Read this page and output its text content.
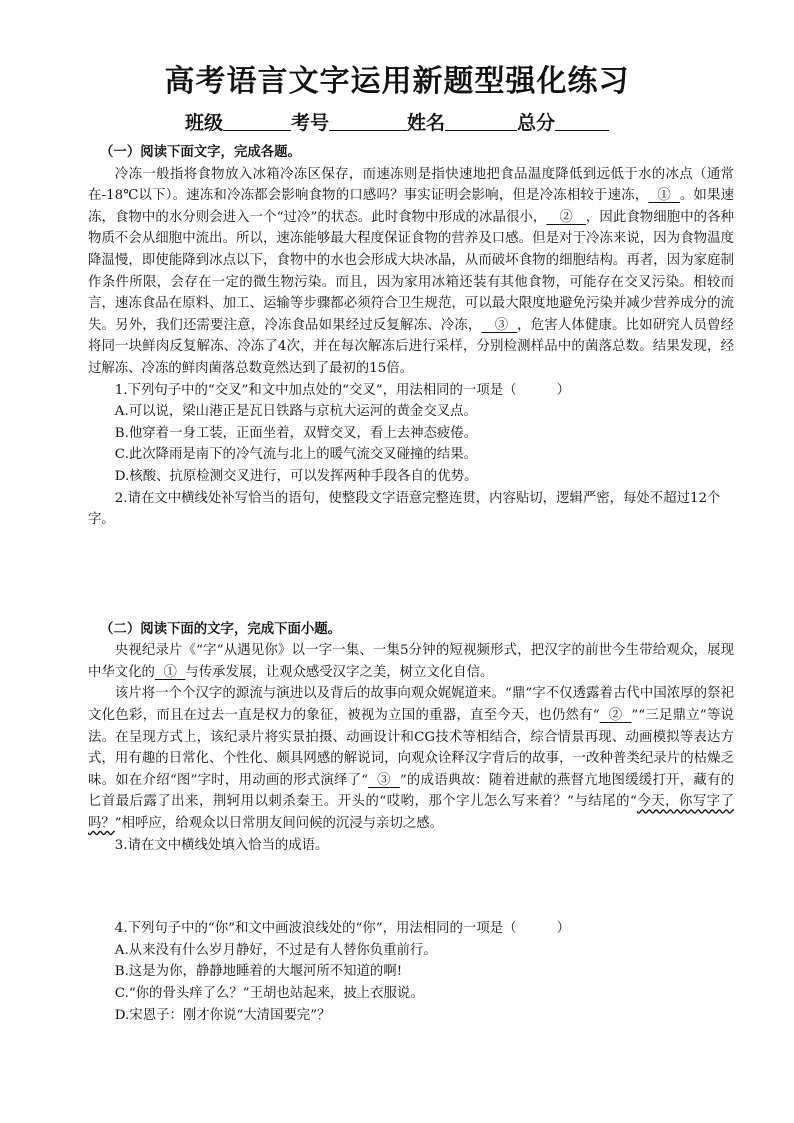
高考语言文字运用新题型强化练习
班级	考号	姓名	总分

（一）阅读下面文字，完成各题。

冷冻一般指将食物放入冰箱冷冻区保存，而速冻则是指快速地把食品温度降低到远低于水的冰点（通常在-18℃以下）。速冻和冷冻都会影响食物的口感吗？事实证明会影响，但是冷冻相较于速冻， ① 。如果速冻，食物中的水分则会进入一个“过冷”的状态。此时食物中形成的冰晶很小， ② ，因此食物细胞中的各种物质不会从细胞中流出。所以，速冻能够最大程度保证食物的营养及口感。但是对于冷冻来说，因为食物温度降温慢，即使能降到冰点以下，食物中的水也会形成大块冰晶，从而破坏食物的细胞结构。再者，因为家庭制作条件所限，会存在一定的微生物污染。而且，因为家用冰箱还装有其他食物，可能存在交叉污染。相较而言，速冻食品在原料、加工、运输等步骤都必须符合卫生规范，可以最大限度地避免污染并减少营养成分的流失。另外，我们还需要注意，冷冻食品如果经过反复解冻、冷冻， ③ ，危害人体健康。比如研究人员曾经将同一块鲜肉反复解冻、冷冻了4次，并在每次解冻后进行采样，分别检测样品中的菌落总数。结果发现，经过解冻、冷冻的鲜肉菌落总数竟然达到了最初的15倍。

1.下列句子中的“交叉”和文中加点处的“交叉”，用法相同的一项是（　　　）

A.可以说，梁山港正是瓦日铁路与京杭大运河的黄金交叉点。

B.他穿着一身工装，正面坐着，双臂交叉，看上去神态疲倦。

C.此次降雨是南下的冷气流与北上的暖气流交叉碰撞的结果。

D.核酸、抗原检测交叉进行，可以发挥两种手段各自的优势。

2.请在文中横线处补写恰当的语句，使整段文字语意完整连贯，内容贴切，逻辑严密，每处不超过12个字。

（二）阅读下面的文字，完成下面小题。

央视纪录片《“字”从遇见你》以一字一集、一集5分钟的短视频形式，把汉字的前世今生带给观众，展现中华文化的 ① 与传承发展，让观众感受汉字之美，树立文化自信。

该片将一个个汉字的源流与演进以及背后的故事向观众娓娓道来。“鼎”字不仅透露着古代中国浓厚的祭祀文化色彩，而且在过去一直是权力的象征，被视为立国的重器，直至今天，也仍然有“ ② ”“三足鼎立”等说法。在呈现方式上，该纪录片将实景拍摄、动画设计和CG技术等相结合，综合情景再现、动画模拟等表达方式，用有趣的日常化、个性化、颇具网感的解说词，向观众诠释汉字背后的故事，一改种普类纪录片的枯燥乏味。如在介绍“图”字时，用动画的形式演绎了“ ③ ”的成语典故：随着进献的燕督亢地图缓缓打开，藏有的匕首最后露了出来，荆轲用以刺杀秦王。开头的“哎哟，那个字儿怎么写来着？”与结尾的“今天，你写字了吗？”相呼应，给观众以日常朋友间问候的沉浸与亲切之感。

3.请在文中横线处填入恰当的成语。

4.下列句子中的“你”和文中画波浪线处的“你”，用法相同的一项是（　　　）

A.从来没有什么岁月静好，不过是有人替你负重前行。

B.这是为你，静静地睡着的大堰河所不知道的啊!

C.“你的骨头痒了么？”王胡也站起来，披上衣服说。

D.宋恩子：刚才你说“大清国要完”？
